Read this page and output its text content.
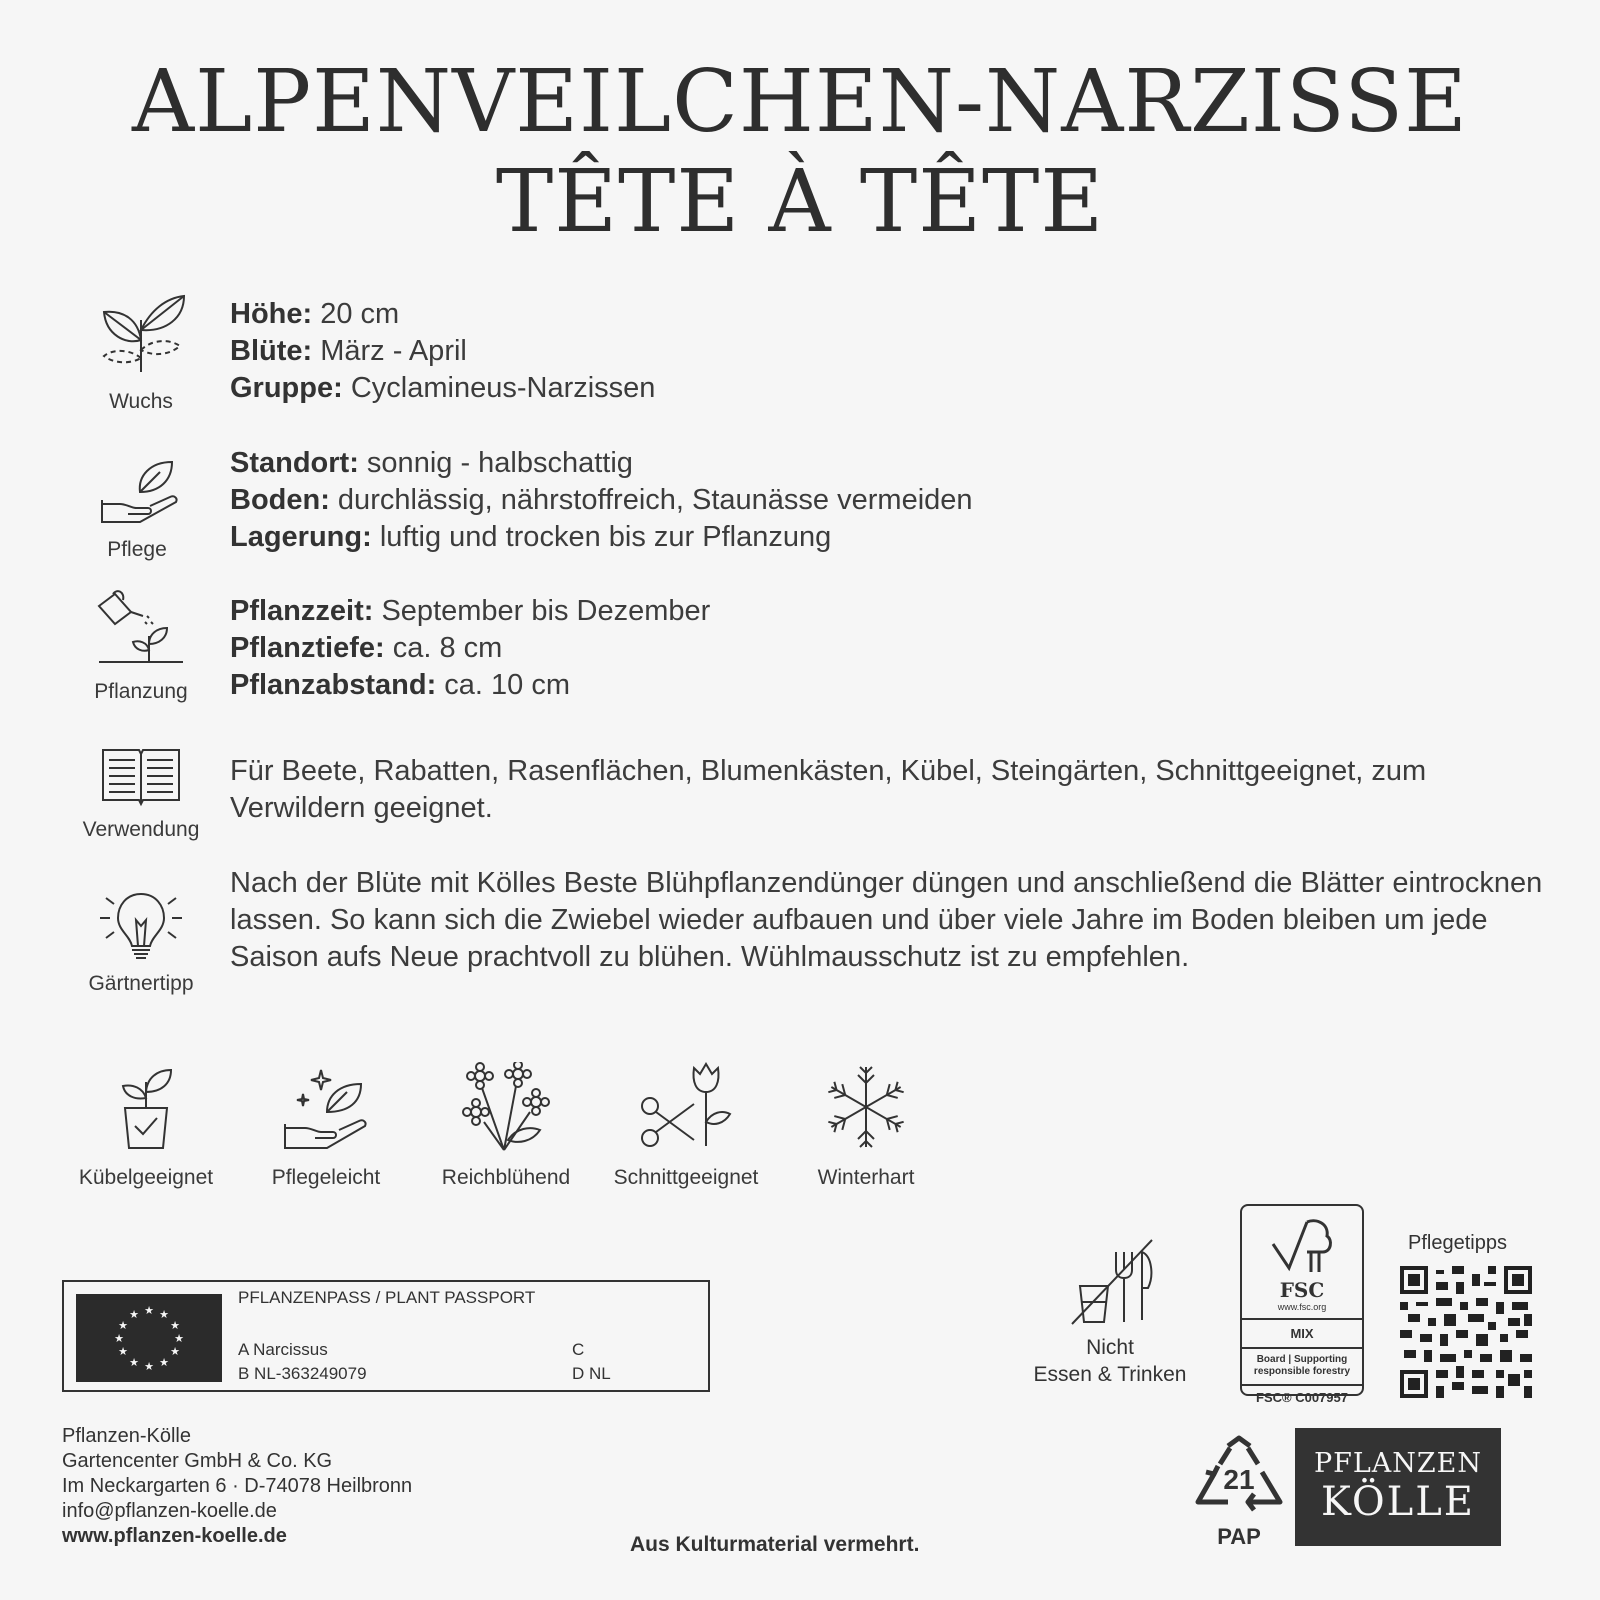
ALPENVEILCHEN-NARZISSE
TÊTE À TÊTE
Wuchs
Höhe: 20 cm
Blüte: März - April
Gruppe: Cyclamineus-Narzissen
Pflege
Standort: sonnig - halbschattig
Boden: durchlässig, nährstoffreich, Staunässe vermeiden
Lagerung: luftig und trocken bis zur Pflanzung
Pflanzung
Pflanzzeit: September bis Dezember
Pflanztiefe: ca. 8 cm
Pflanzabstand: ca. 10 cm
Verwendung
Für Beete, Rabatten, Rasenflächen, Blumenkästen, Kübel, Steingärten, Schnittgeeignet, zum Verwildern geeignet.
Gärtnertipp
Nach der Blüte mit Kölles Beste Blühpflanzendünger düngen und anschließend die Blätter eintrocknen lassen. So kann sich die Zwiebel wieder aufbauen und über viele Jahre im Boden bleiben um jede Saison aufs Neue prachtvoll zu blühen. Wühlmausschutz ist zu empfehlen.
Kübelgeeignet	Pflegeleicht	Reichblühend	Schnittgeeignet	Winterhart
★ ★
★
★
★
★
★
★
★
★
★
★
PFLANZENPASS / PLANT PASSPORT
A Narcissus
B NL-363249079
C
D NL
Nicht
Essen & Trinken
FSC
www.fsc.org
MIX
Board | Supporting
responsible forestry
FSC® C007957
Pflegetipps
Pflanzen-Kölle
Gartencenter GmbH & Co. KG
Im Neckargarten 6 · D-74078 Heilbronn
info@pflanzen-koelle.de
www.pflanzen-koelle.de	Aus Kulturmaterial vermehrt.
21
PAP
PFLANZEN
KÖLLE
